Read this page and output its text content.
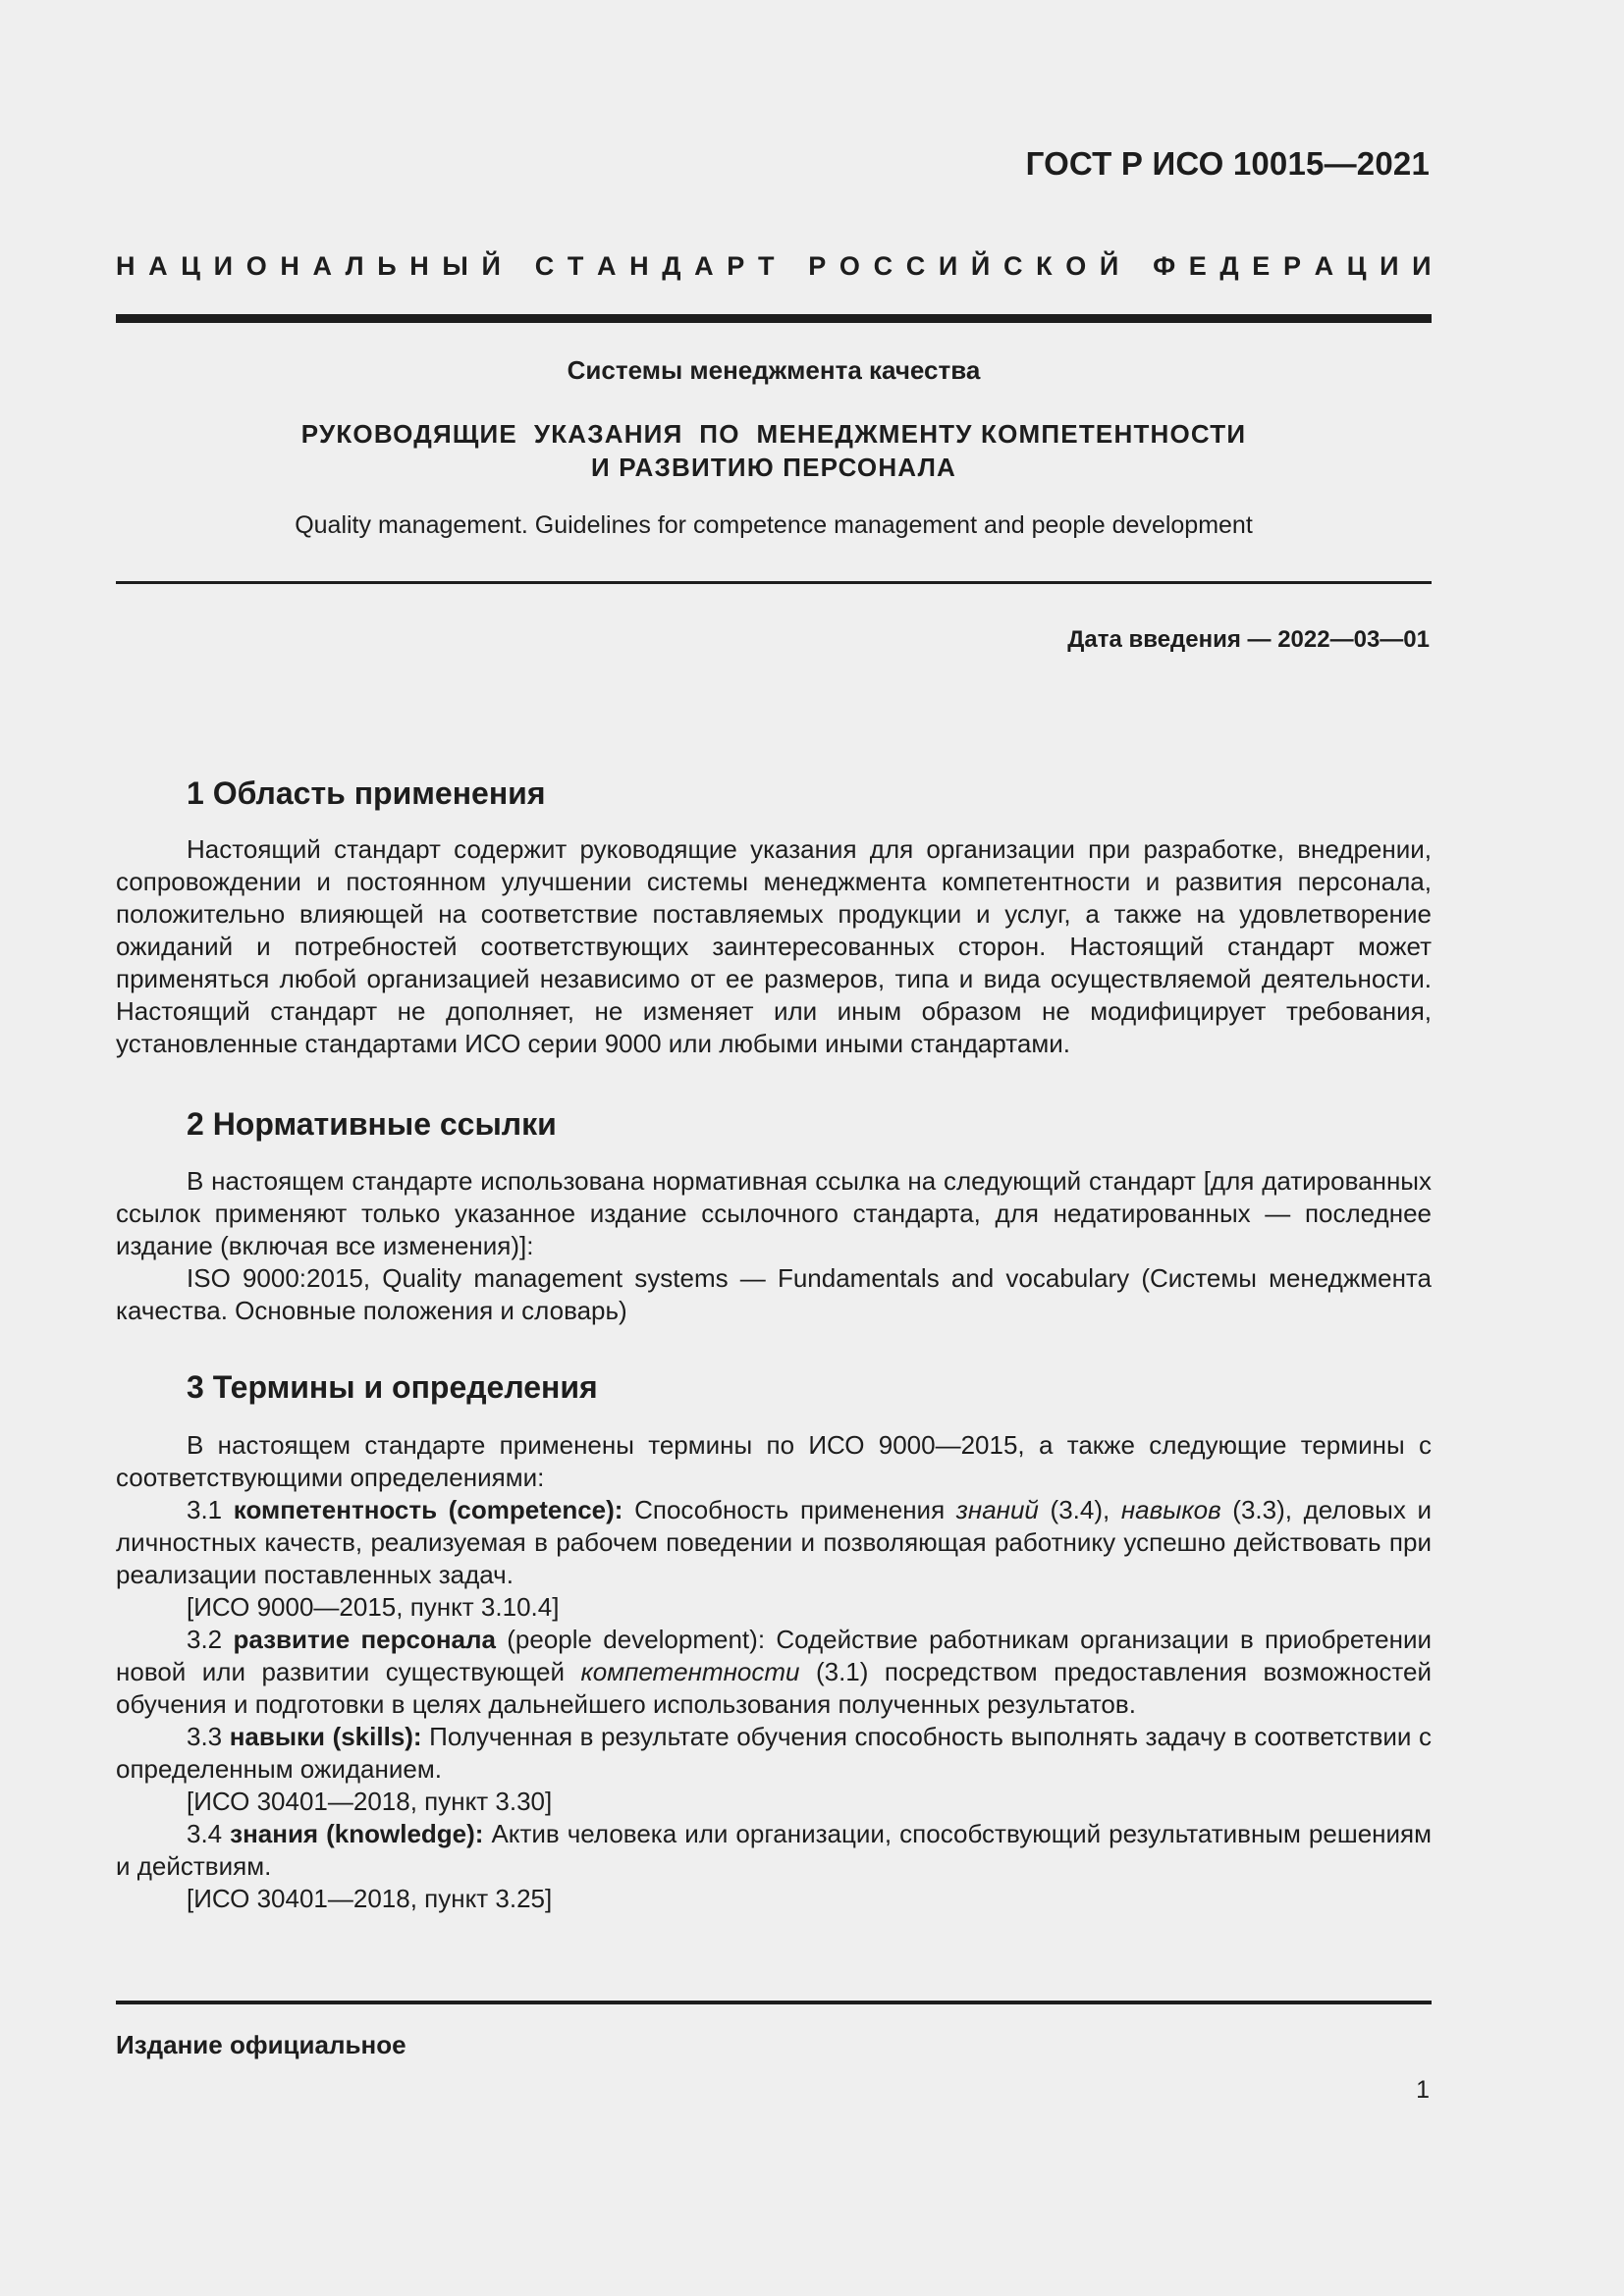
ГОСТ Р ИСО 10015—2021
Н А Ц И О Н А Л Ь Н Ы Й
С Т А Н Д А Р Т
Р О С С И Й С К О Й
Ф Е Д Е Р А Ц И И
Системы менеджмента качества
РУКОВОДЯЩИЕ  УКАЗАНИЯ  ПО  МЕНЕДЖМЕНТУ КОМПЕТЕНТНОСТИ
И РАЗВИТИЮ ПЕРСОНАЛА
Quality management. Guidelines for competence management and people development
Дата введения — 2022—03—01
1 Область применения

Настоящий стандарт содержит руководящие указания для организации при разработке, внедрении, сопровождении и постоянном улучшении системы менеджмента компетентности и развития персонала, положительно влияющей на соответствие поставляемых продукции и услуг, а также на удовлетворение ожиданий и потребностей соответствующих заинтересованных сторон. Настоящий стандарт может применяться любой организацией независимо от ее размеров, типа и вида осуществляемой деятельности. Настоящий стандарт не дополняет, не изменяет или иным образом не модифицирует требования, установленные стандартами ИСО серии 9000 или любыми иными стандартами.

2 Нормативные ссылки

В настоящем стандарте использована нормативная ссылка на следующий стандарт [для датированных ссылок применяют только указанное издание ссылочного стандарта, для недатированных — последнее издание (включая все изменения)]:

ISO 9000:2015, Quality management systems — Fundamentals and vocabulary (Системы менеджмента качества. Основные положения и словарь)

3 Термины и определения

В настоящем стандарте применены термины по ИСО 9000—2015, а также следующие термины с соответствующими определениями:

3.1 компетентность (competence): Способность применения знаний (3.4), навыков (3.3), деловых и личностных качеств, реализуемая в рабочем поведении и позволяющая работнику успешно действовать при реализации поставленных задач.

[ИСО 9000—2015, пункт 3.10.4]

3.2 развитие персонала (people development): Содействие работникам организации в приобретении новой или развитии существующей компетентности (3.1) посредством предоставления возможностей обучения и подготовки в целях дальнейшего использования полученных результатов.

3.3 навыки (skills): Полученная в результате обучения способность выполнять задачу в соответствии с определенным ожиданием.

[ИСО 30401—2018, пункт 3.30]

3.4 знания (knowledge): Актив человека или организации, способствующий результативным решениям и действиям.

[ИСО 30401—2018, пункт 3.25]

Издание официальное
1
